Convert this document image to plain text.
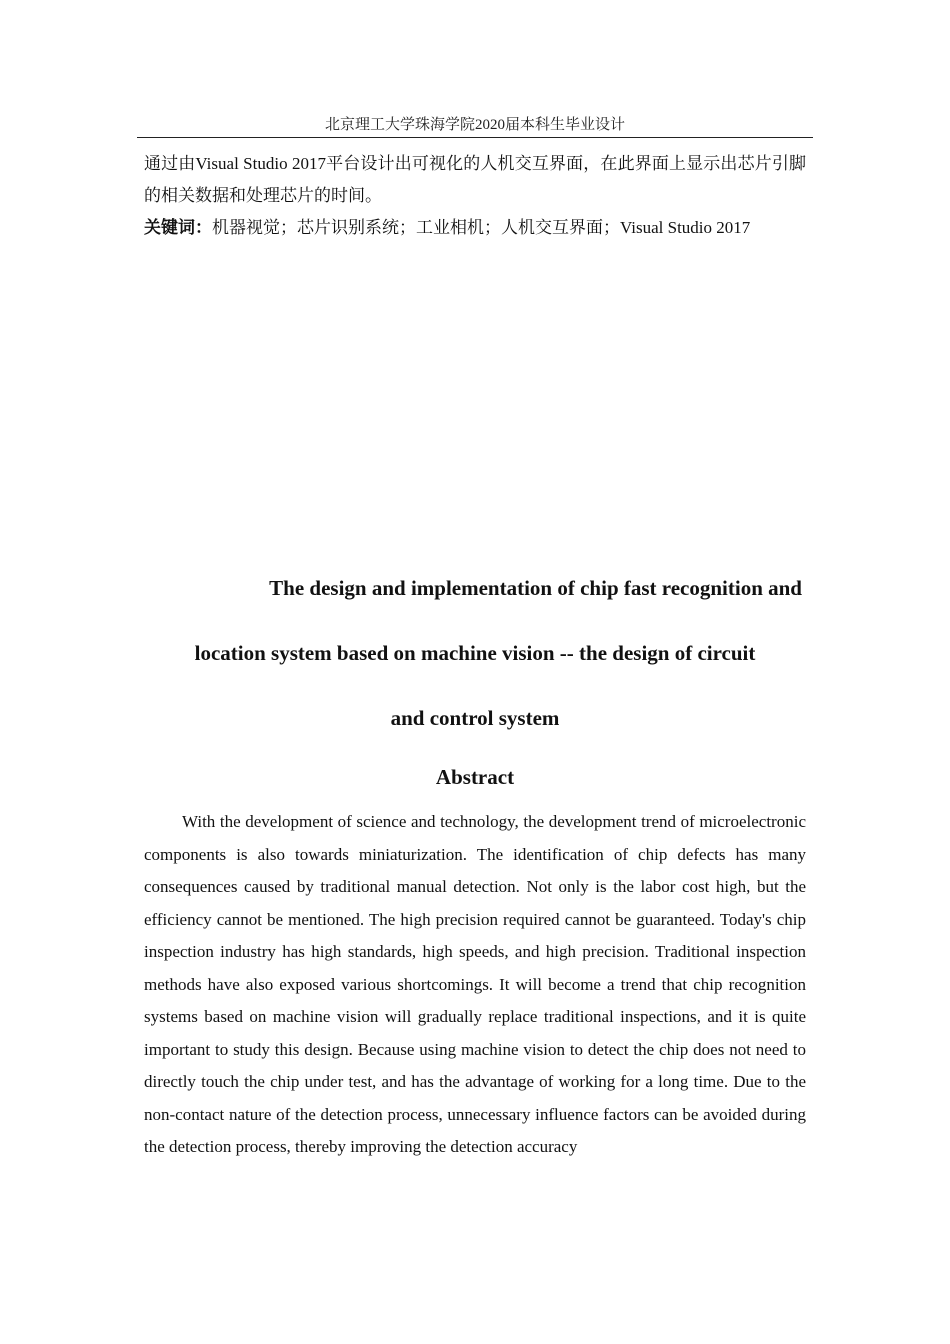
北京理工大学珠海学院2020届本科生毕业设计
通过由Visual Studio 2017平台设计出可视化的人机交互界面，在此界面上显示出芯片引脚的相关数据和处理芯片的时间。
关键词：机器视觉；芯片识别系统；工业相机；人机交互界面；Visual Studio 2017
The design and implementation of chip fast recognition and
location system based on machine vision -- the design of circuit
and control system
Abstract
With the development of science and technology, the development trend of microelectronic components is also towards miniaturization. The identification of chip defects has many consequences caused by traditional manual detection. Not only is the labor cost high, but the efficiency cannot be mentioned. The high precision required cannot be guaranteed. Today's chip inspection industry has high standards, high speeds, and high precision. Traditional inspection methods have also exposed various shortcomings. It will become a trend that chip recognition systems based on machine vision will gradually replace traditional inspections, and it is quite important to study this design. Because using machine vision to detect the chip does not need to directly touch the chip under test, and has the advantage of working for a long time. Due to the non-contact nature of the detection process, unnecessary influence factors can be avoided during the detection process, thereby improving the detection accuracy
